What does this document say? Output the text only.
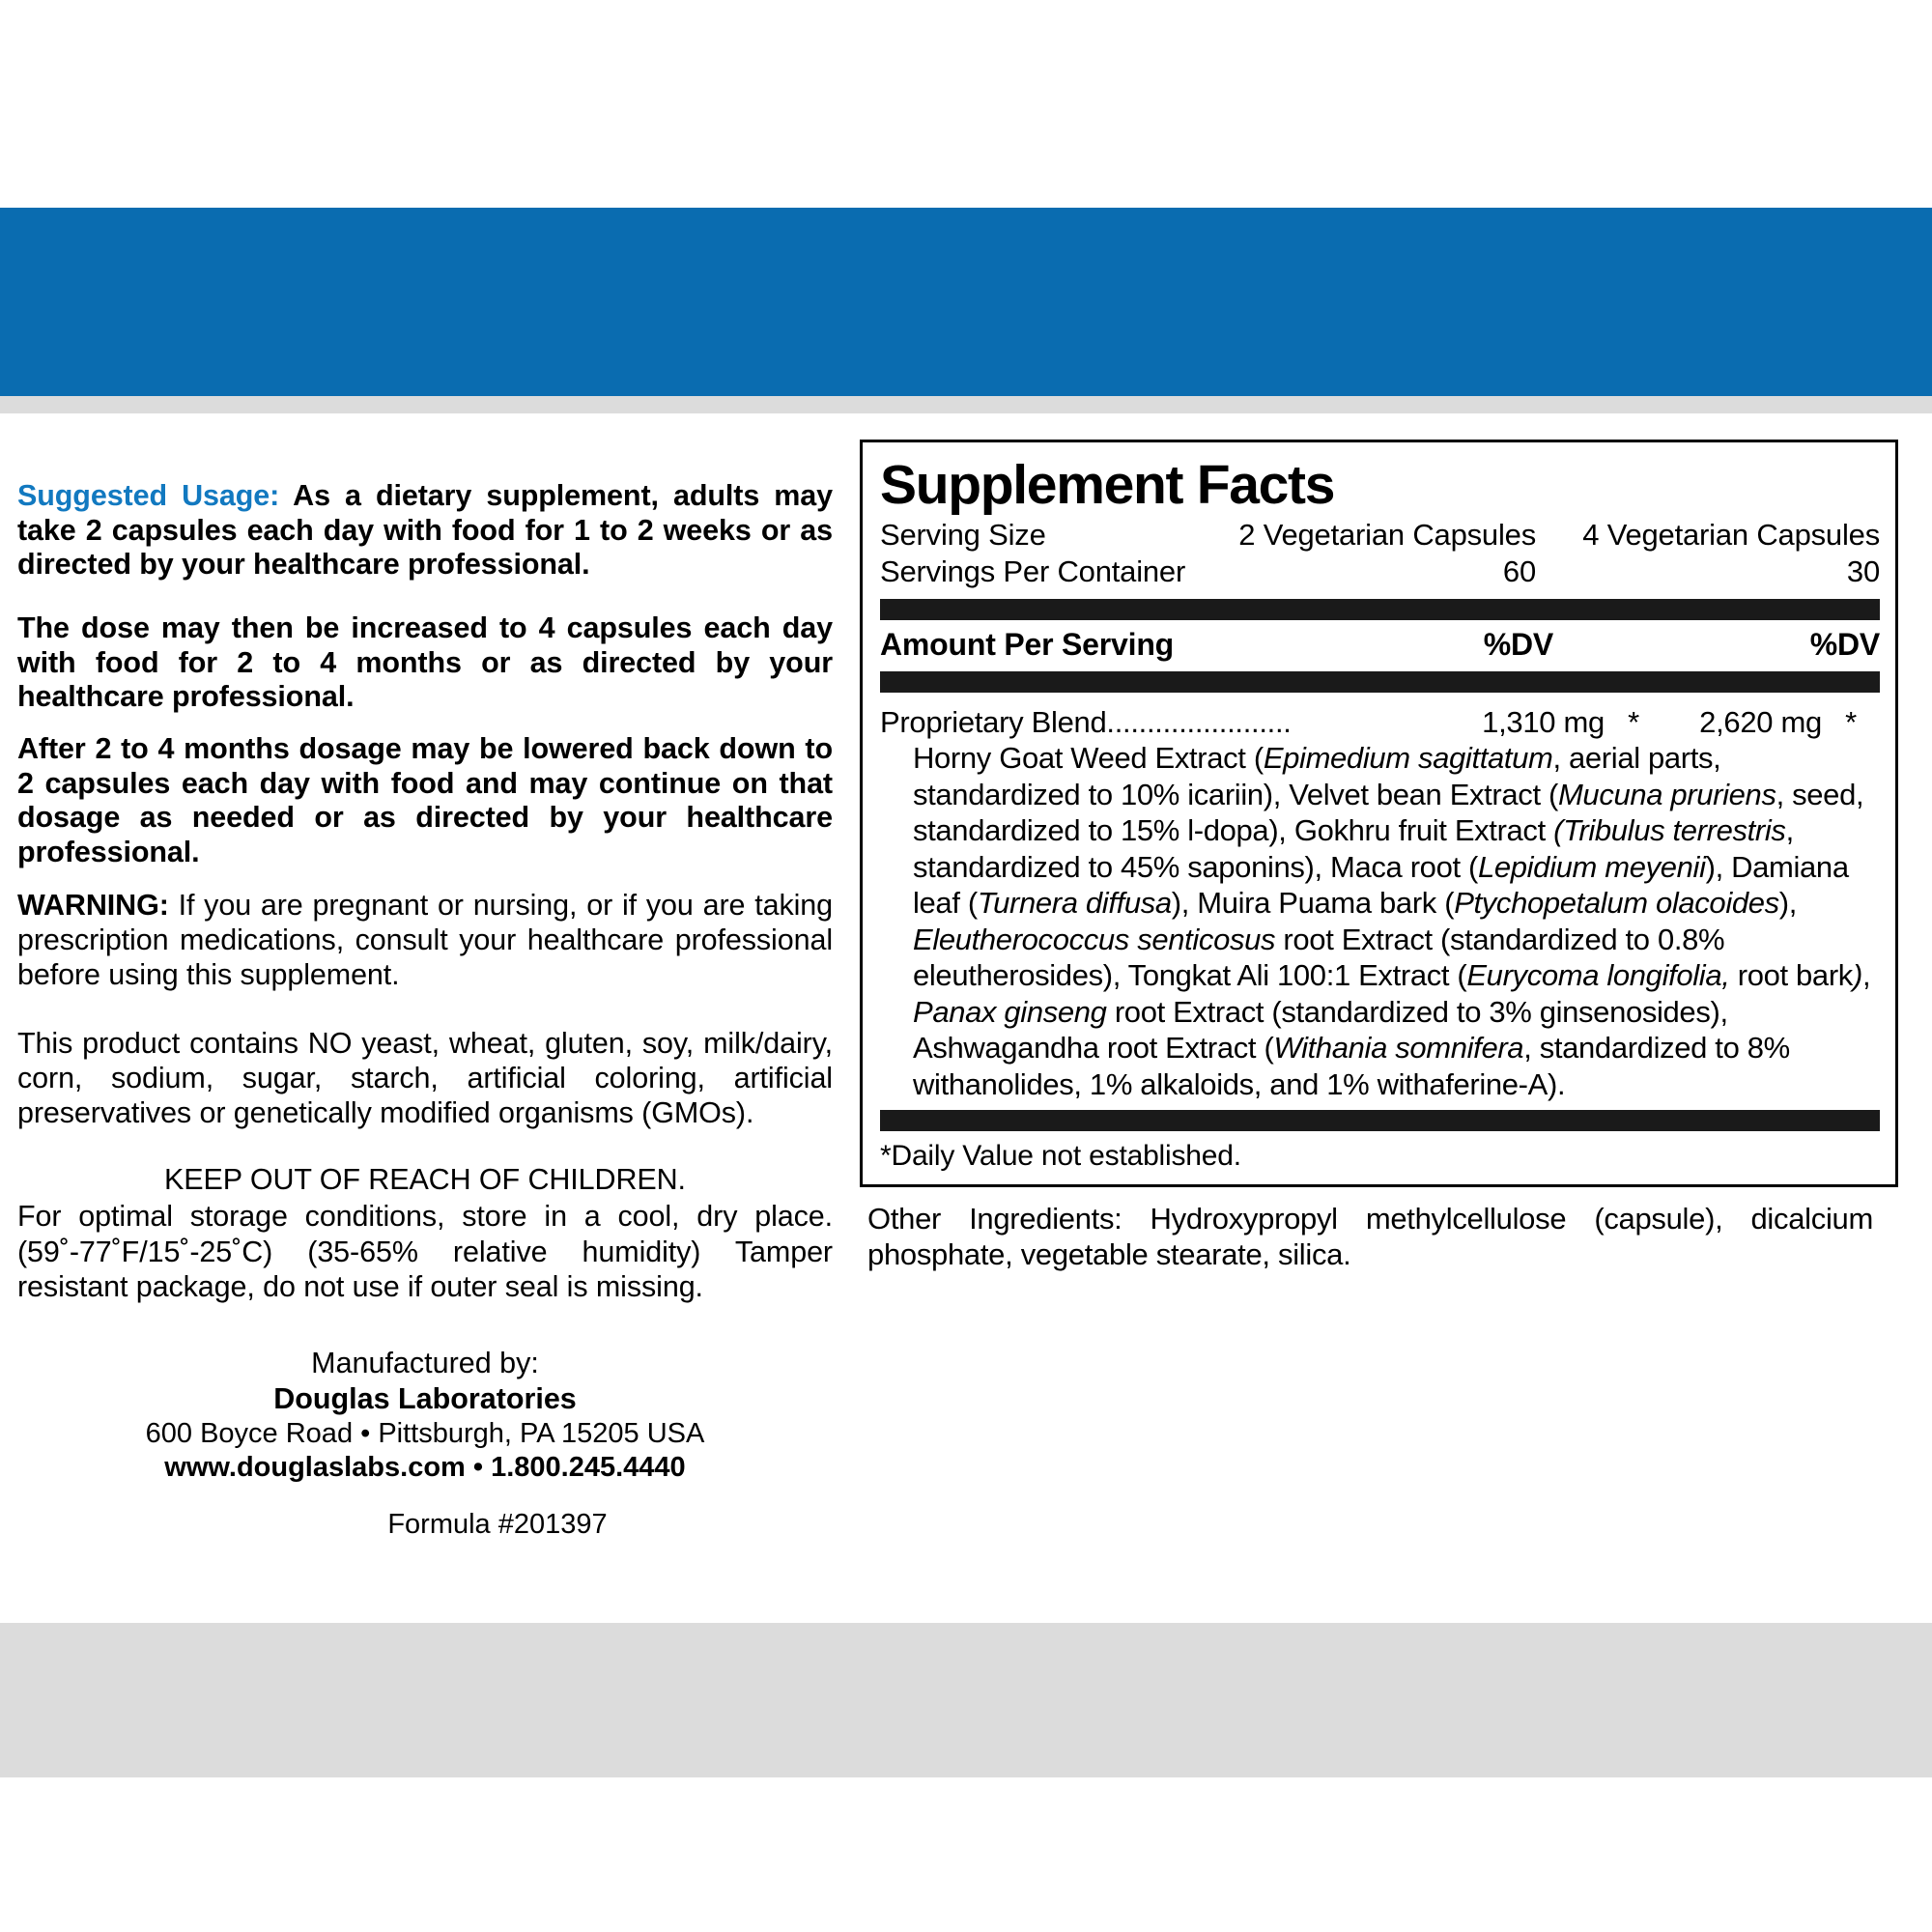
Suggested Usage: As a dietary supplement, adults may take 2 capsules each day with food for 1 to 2 weeks or as directed by your healthcare professional.

The dose may then be increased to 4 capsules each day with food for 2 to 4 months or as directed by your healthcare professional.

After 2 to 4 months dosage may be lowered back down to 2 capsules each day with food and may continue on that dosage as needed or as directed by your healthcare professional.

WARNING: If you are pregnant or nursing, or if you are taking prescription medications, consult your healthcare professional before using this supplement.

This product contains NO yeast, wheat, gluten, soy, milk/dairy, corn, sodium, sugar, starch, artificial coloring, artificial preservatives or genetically modified organisms (GMOs).

KEEP OUT OF REACH OF CHILDREN.

For optimal storage conditions, store in a cool, dry place. (59˚-77˚F/15˚-25˚C) (35-65% relative humidity) Tamper resistant package, do not use if outer seal is missing.

Manufactured by:

Douglas Laboratories

600 Boyce Road • Pittsburgh, PA 15205 USA

www.douglaslabs.com • 1.800.245.4440

Formula #201397

Supplement Facts
Serving Size	2 Vegetarian Capsules	4 Vegetarian Capsules
Servings Per Container	60	30
Amount Per Serving	%DV	%DV
Proprietary Blend.......................	1,310 mg *	2,620 mg *
Horny Goat Weed Extract (Epimedium sagittatum, aerial parts, standardized to 10% icariin), Velvet bean Extract (Mucuna pruriens, seed, standardized to 15% l-dopa), Gokhru fruit Extract (Tribulus terrestris, standardized to 45% saponins), Maca root (Lepidium meyenii), Damiana leaf (Turnera diffusa), Muira Puama bark (Ptychopetalum olacoides), Eleutherococcus senticosus root Extract (standardized to 0.8% eleutherosides), Tongkat Ali 100:1 Extract (Eurycoma longifolia, root bark), Panax ginseng root Extract (standardized to 3% ginsenosides), Ashwagandha root Extract (Withania somnifera, standardized to 8% withanolides, 1% alkaloids, and 1% withaferine-A).
*Daily Value not established.
Other Ingredients: Hydroxypropyl methylcellulose (capsule), dicalcium phosphate, vegetable stearate, silica.
